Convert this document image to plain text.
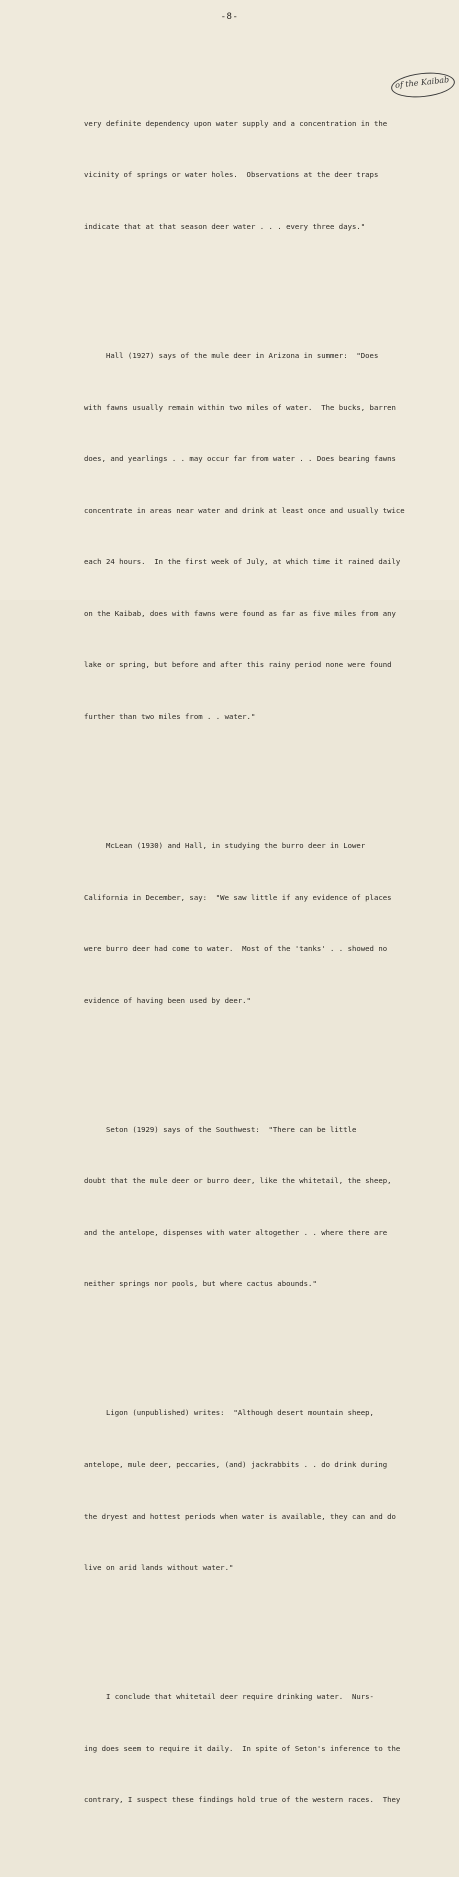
-8-
of the Kaibab

very definite dependency upon water supply and a concentration in the

vicinity of springs or water holes.  Observations at the deer traps

indicate that at that season deer water . . . every three days."

Hall (1927) says of the mule deer in Arizona in summer:  "Does

with fawns usually remain within two miles of water.  The bucks, barren

does, and yearlings . . may occur far from water . . Does bearing fawns

concentrate in areas near water and drink at least once and usually twice

each 24 hours.  In the first week of July, at which time it rained daily

on the Kaibab, does with fawns were found as far as five miles from any

lake or spring, but before and after this rainy period none were found

further than two miles from . . water."

McLean (1930) and Hall, in studying the burro deer in Lower

California in December, say:  "We saw little if any evidence of places

were burro deer had come to water.  Most of the 'tanks' . . showed no

evidence of having been used by deer."

Seton (1929) says of the Southwest:  "There can be little

doubt that the mule deer or burro deer, like the whitetail, the sheep,

and the antelope, dispenses with water altogether . . where there are

neither springs nor pools, but where cactus abounds."

Ligon (unpublished) writes:  "Although desert mountain sheep,

antelope, mule deer, peccaries, (and) jackrabbits . . do drink during

the dryest and hottest periods when water is available, they can and do

live on arid lands without water."

I conclude that whitetail deer require drinking water.  Nurs-

ing does seem to require it daily.  In spite of Seton's inference to the

contrary, I suspect these findings hold true of the western races.  They
